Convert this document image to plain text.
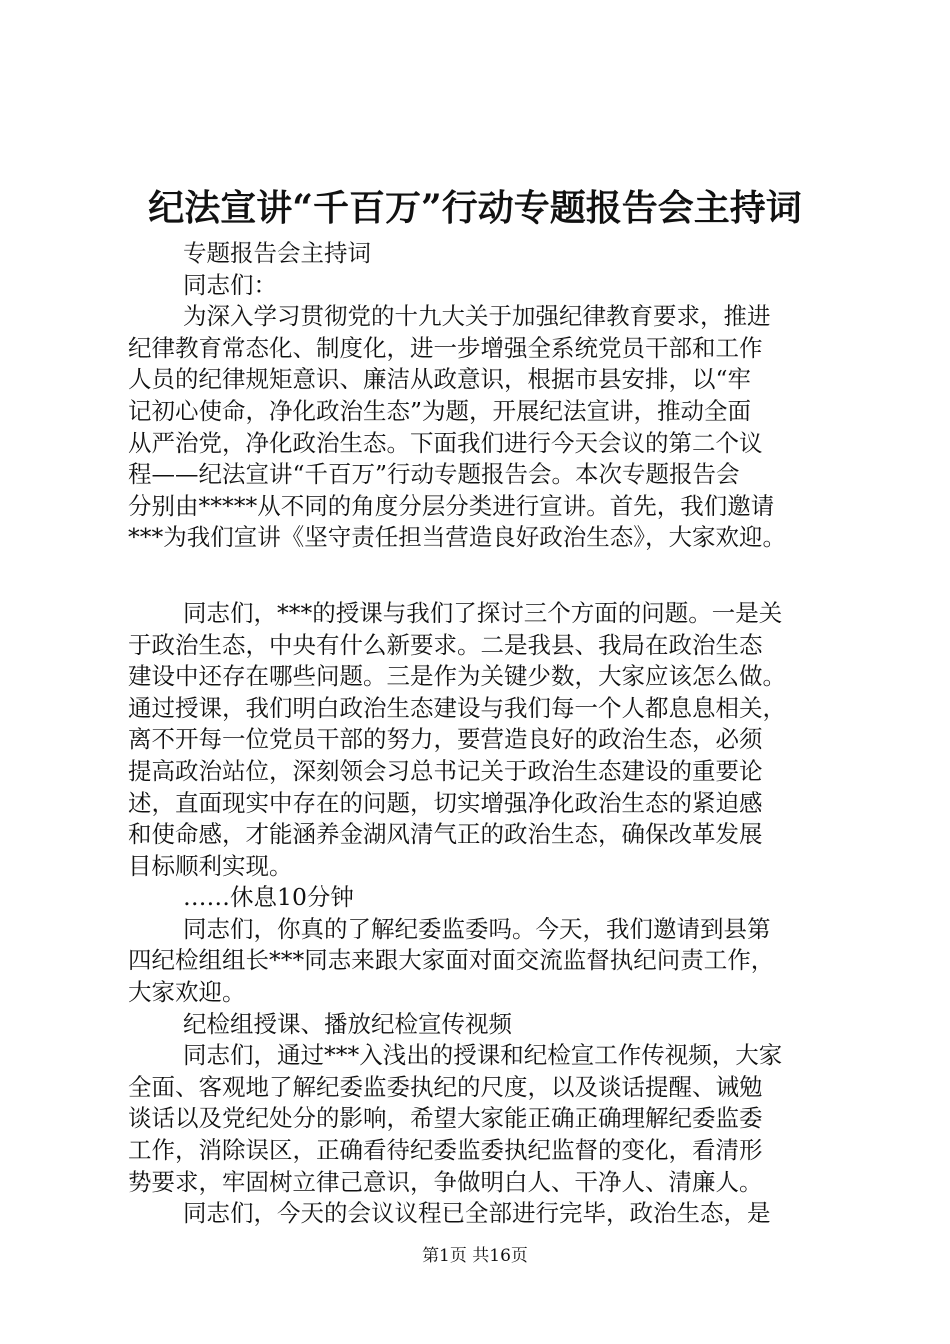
纪法宣讲“千百万”行动专题报告会主持词
专题报告会主持词
同志们：
为深入学习贯彻党的十九大关于加强纪律教育要求，推进
纪律教育常态化、制度化，进一步增强全系统党员干部和工作
人员的纪律规矩意识、廉洁从政意识，根据市县安排，以“牢
记初心使命，净化政治生态”为题，开展纪法宣讲，推动全面
从严治党，净化政治生态。下面我们进行今天会议的第二个议
程——纪法宣讲“千百万”行动专题报告会。本次专题报告会
分别由*****从不同的角度分层分类进行宣讲。首先，我们邀请
***为我们宣讲《坚守责任担当营造良好政治生态》，大家欢迎。
同志们，***的授课与我们了探讨三个方面的问题。一是关
于政治生态，中央有什么新要求。二是我县、我局在政治生态
建设中还存在哪些问题。三是作为关键少数，大家应该怎么做。
通过授课，我们明白政治生态建设与我们每一个人都息息相关，
离不开每一位党员干部的努力，要营造良好的政治生态，必须
提高政治站位，深刻领会习总书记关于政治生态建设的重要论
述，直面现实中存在的问题，切实增强净化政治生态的紧迫感
和使命感，才能涵养金湖风清气正的政治生态，确保改革发展
目标顺利实现。
……休息10分钟
同志们，你真的了解纪委监委吗。今天，我们邀请到县第
四纪检组组长***同志来跟大家面对面交流监督执纪问责工作，
大家欢迎。
纪检组授课、播放纪检宣传视频
同志们，通过***入浅出的授课和纪检宣工作传视频，大家
全面、客观地了解纪委监委执纪的尺度，以及谈话提醒、诫勉
谈话以及党纪处分的影响，希望大家能正确正确理解纪委监委
工作，消除误区，正确看待纪委监委执纪监督的变化，看清形
势要求，牢固树立律己意识，争做明白人、干净人、清廉人。
同志们，今天的会议议程已全部进行完毕，政治生态，是
第1页 共16页
